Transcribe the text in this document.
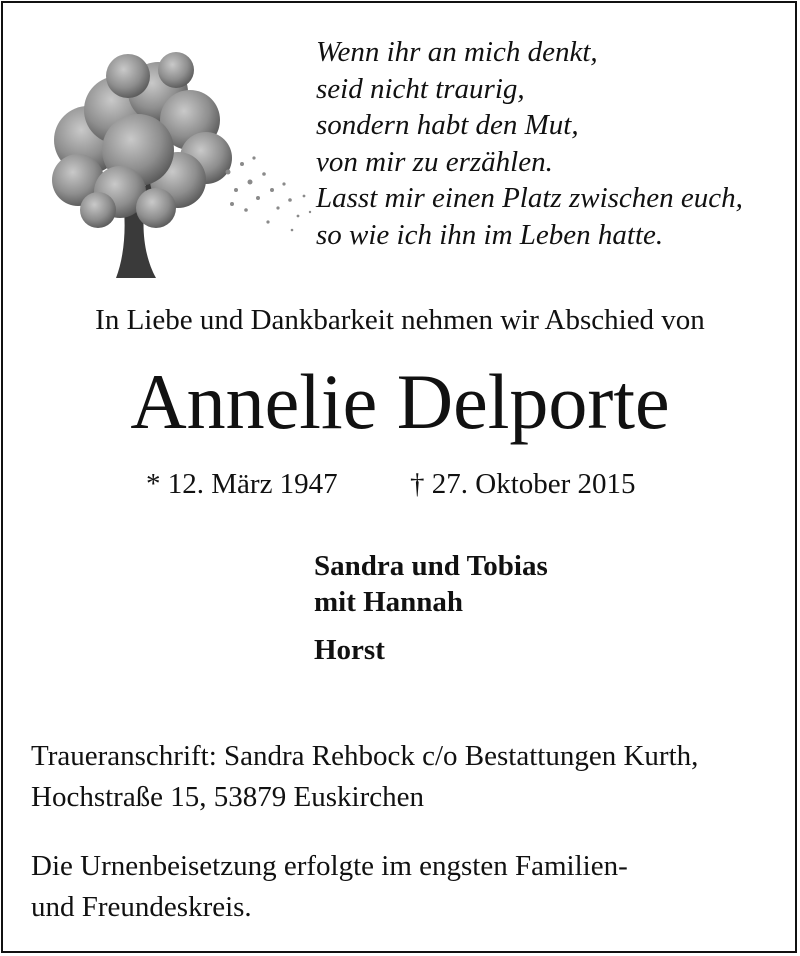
Wenn ihr an mich denkt,
seid nicht traurig,
sondern habt den Mut,
von mir zu erzählen.
Lasst mir einen Platz zwischen euch,
so wie ich ihn im Leben hatte.
In Liebe und Dankbarkeit nehmen wir Abschied von
Annelie Delporte
* 12. März 1947 † 27. Oktober 2015
Sandra und Tobias
mit Hannah
Horst
Traueranschrift: Sandra Rehbock c/o Bestattungen Kurth,
Hochstraße 15, 53879 Euskirchen
Die Urnenbeisetzung erfolgte im engsten Familien-
und Freundeskreis.
